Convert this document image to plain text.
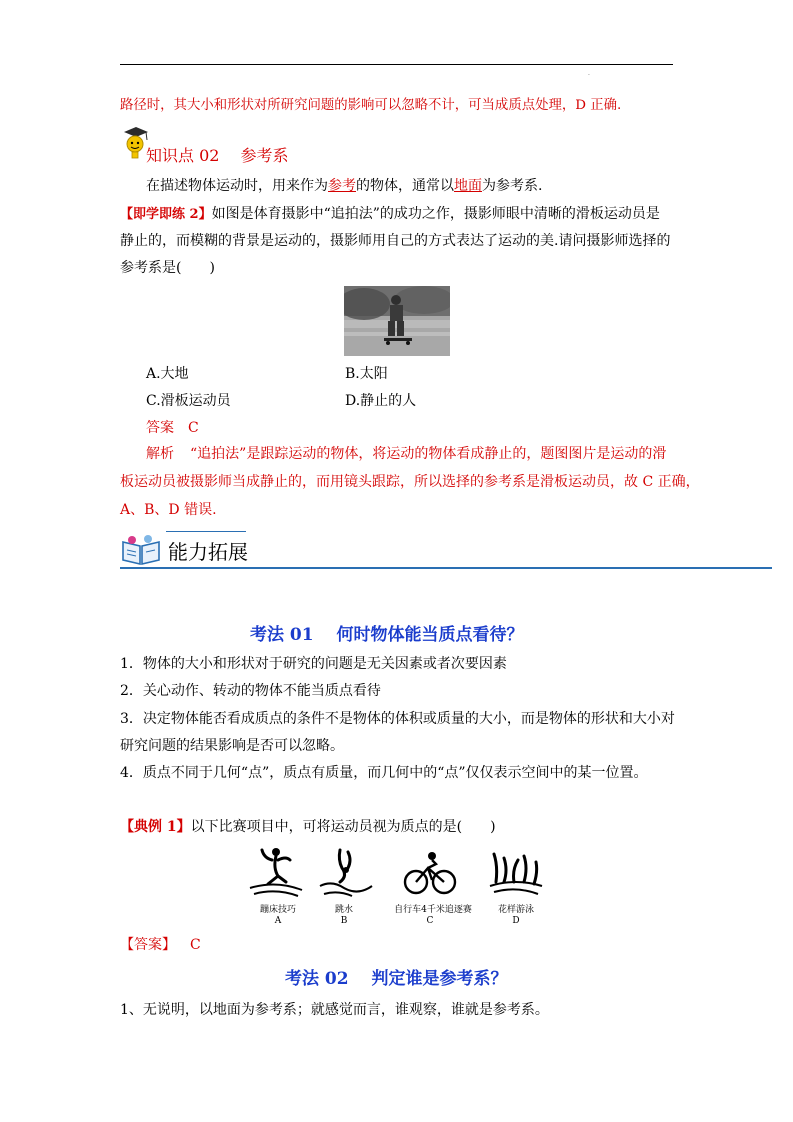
.
路径时，其大小和形状对所研究问题的影响可以忽略不计，可当成质点处理，D 正确.
知识点 02　 参考系
在描述物体运动时，用来作为参考的物体，通常以地面为参考系.
【即学即练 2】如图是体育摄影中“追拍法”的成功之作，摄影师眼中清晰的滑板运动员是
静止的，而模糊的背景是运动的，摄影师用自己的方式表达了运动的美.请问摄影师选择的
参考系是(　　)
A.大地	B.太阳
C.滑板运动员	D.静止的人
答案 C
解析 “追拍法”是跟踪运动的物体，将运动的物体看成静止的，题图图片是运动的滑
板运动员被摄影师当成静止的，而用镜头跟踪，所以选择的参考系是滑板运动员，故 C 正确，
A、B、D 错误.
能力拓展
考法 01　 何时物体能当质点看待？
1．物体的大小和形状对于研究的问题是无关因素或者次要因素
2．关心动作、转动的物体不能当质点看待
3．决定物体能否看成质点的条件不是物体的体积或质量的大小，而是物体的形状和大小对
研究问题的结果影响是否可以忽略。
4．质点不同于几何“点”，质点有质量，而几何中的“点”仅仅表示空间中的某一位置。
【典例 1】以下比赛项目中，可将运动员视为质点的是(　　)
蹦床技巧
A
跳水
B
自行车4千米追逐赛
C
花样游泳
D
【答案】 C
考法 02　 判定谁是参考系？
1、无说明，以地面为参考系；就感觉而言，谁观察，谁就是参考系。
